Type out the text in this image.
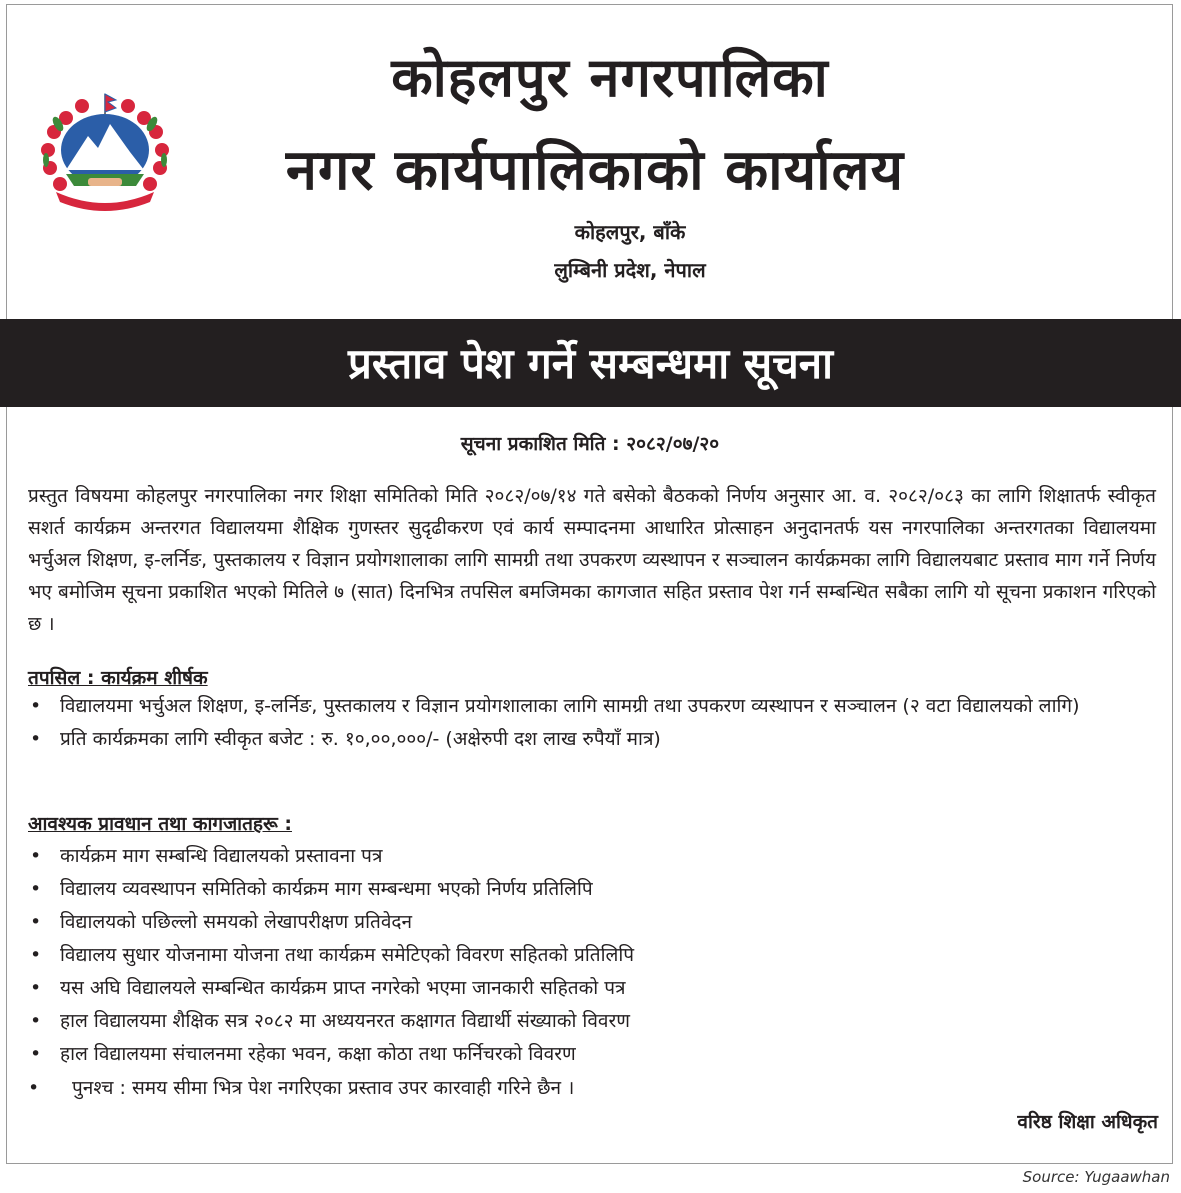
कोहलपुर नगरपालिका
नगर कार्यपालिकाको कार्यालय
कोहलपुर, बाँके
लुम्बिनी प्रदेश, नेपाल
प्रस्ताव पेश गर्ने सम्बन्धमा सूचना
सूचना प्रकाशित मिति : २०८२/०७/२०
प्रस्तुत विषयमा कोहलपुर नगरपालिका नगर शिक्षा समितिको मिति २०८२/०७/१४ गते बसेको बैठकको निर्णय अनुसार आ. व. २०८२/०८३ का लागि शिक्षातर्फ स्वीकृत सशर्त कार्यक्रम अन्तरगत विद्यालयमा शैक्षिक गुणस्तर सुदृढीकरण एवं कार्य सम्पादनमा आधारित प्रोत्साहन अनुदानतर्फ यस नगरपालिका अन्तरगतका विद्यालयमा भर्चुअल शिक्षण, इ-लर्निङ, पुस्तकालय र विज्ञान प्रयोगशालाका लागि सामग्री तथा उपकरण व्यस्थापन र सञ्चालन कार्यक्रमका लागि विद्यालयबाट प्रस्ताव माग गर्ने निर्णय भए बमोजिम सूचना प्रकाशित भएको मितिले ७ (सात) दिनभित्र तपसिल बमजिमका कागजात सहित प्रस्ताव पेश गर्न सम्बन्धित सबैका लागि यो सूचना प्रकाशन गरिएको छ ।
तपसिल : कार्यक्रम शीर्षक
• विद्यालयमा भर्चुअल शिक्षण, इ-लर्निङ, पुस्तकालय र विज्ञान प्रयोगशालाका लागि सामग्री तथा उपकरण व्यस्थापन र सञ्चालन (२ वटा विद्यालयको लागि)
• प्रति कार्यक्रमका लागि स्वीकृत बजेट : रु. १०,००,०००/- (अक्षेरुपी दश लाख रुपैयाँ मात्र)
आवश्यक प्रावधान तथा कागजातहरू :
• कार्यक्रम माग सम्बन्धि विद्यालयको प्रस्तावना पत्र
• विद्यालय व्यवस्थापन समितिको कार्यक्रम माग सम्बन्धमा भएको निर्णय प्रतिलिपि
• विद्यालयको पछिल्लो समयको लेखापरीक्षण प्रतिवेदन
• विद्यालय सुधार योजनामा योजना तथा कार्यक्रम समेटिएको विवरण सहितको प्रतिलिपि
• यस अघि विद्यालयले सम्बन्धित कार्यक्रम प्राप्त नगरेको भएमा जानकारी सहितको पत्र
• हाल विद्यालयमा शैक्षिक सत्र २०८२ मा अध्ययनरत कक्षागत विद्यार्थी संख्याको विवरण
• हाल विद्यालयमा संचालनमा रहेका भवन, कक्षा कोठा तथा फर्निचरको विवरण
• पुनश्च : समय सीमा भित्र पेश नगरिएका प्रस्ताव उपर कारवाही गरिने छैन ।
वरिष्ठ शिक्षा अधिकृत
Source: Yugaawhan
